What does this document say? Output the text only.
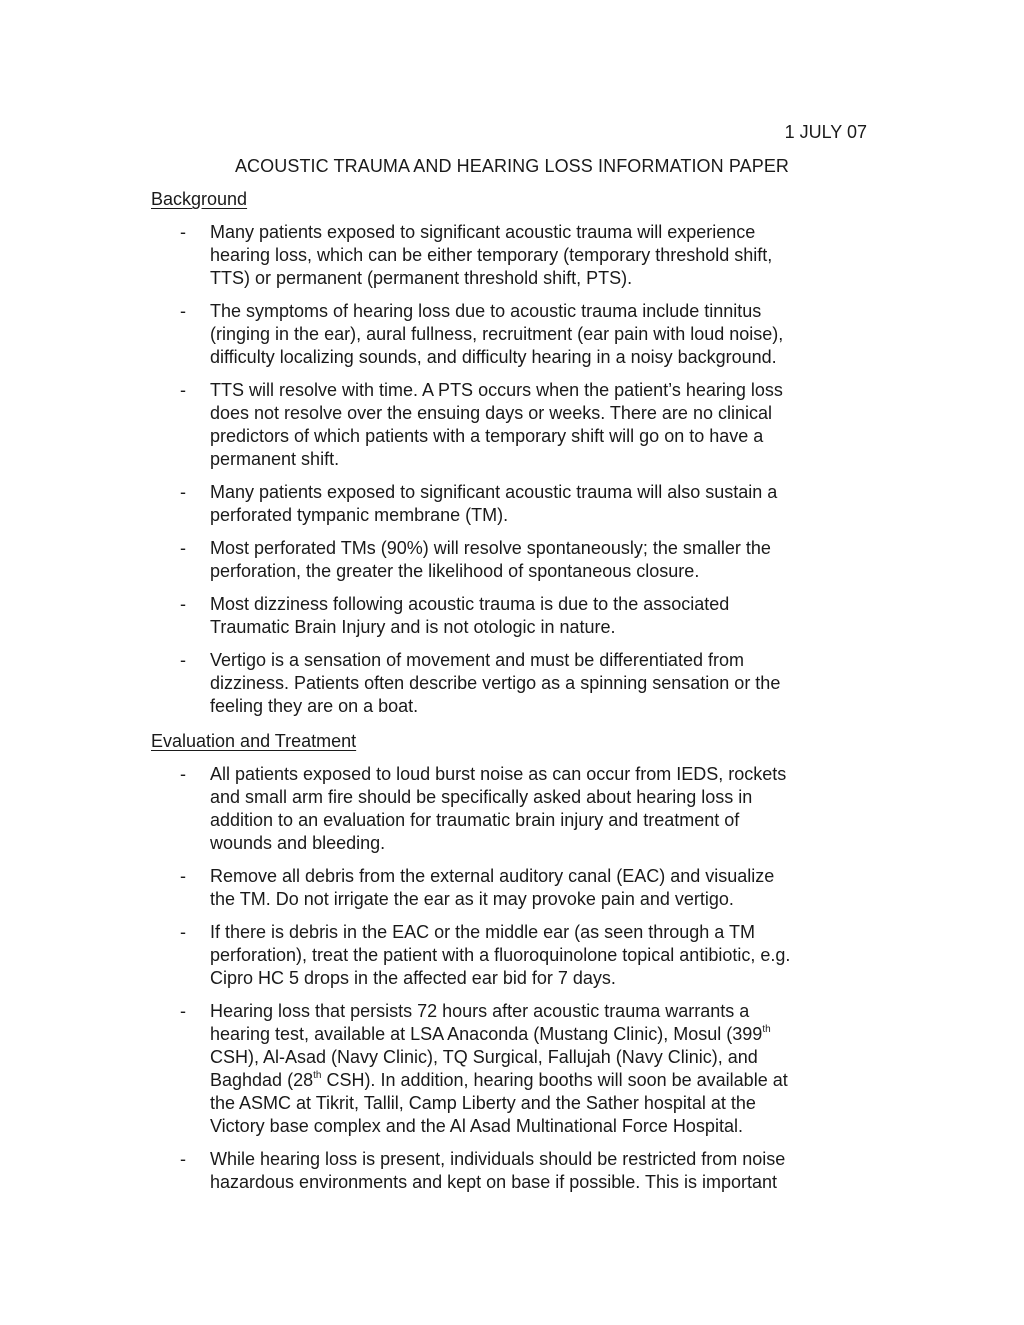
1 JULY 07
ACOUSTIC TRAUMA AND HEARING LOSS INFORMATION PAPER
Background
- Many patients exposed to significant acoustic trauma will experience
hearing loss, which can be either temporary (temporary threshold shift,
TTS) or permanent (permanent threshold shift, PTS).
- The symptoms of hearing loss due to acoustic trauma include tinnitus
(ringing in the ear), aural fullness, recruitment (ear pain with loud noise),
difficulty localizing sounds, and difficulty hearing in a noisy background.
- TTS will resolve with time. A PTS occurs when the patient’s hearing loss
does not resolve over the ensuing days or weeks. There are no clinical
predictors of which patients with a temporary shift will go on to have a
permanent shift.
- Many patients exposed to significant acoustic trauma will also sustain a
perforated tympanic membrane (TM).
- Most perforated TMs (90%) will resolve spontaneously; the smaller the
perforation, the greater the likelihood of spontaneous closure.
- Most dizziness following acoustic trauma is due to the associated
Traumatic Brain Injury and is not otologic in nature.
- Vertigo is a sensation of movement and must be differentiated from
dizziness. Patients often describe vertigo as a spinning sensation or the
feeling they are on a boat.
Evaluation and Treatment
- All patients exposed to loud burst noise as can occur from IEDS, rockets
and small arm fire should be specifically asked about hearing loss in
addition to an evaluation for traumatic brain injury and treatment of
wounds and bleeding.
- Remove all debris from the external auditory canal (EAC) and visualize
the TM. Do not irrigate the ear as it may provoke pain and vertigo.
- If there is debris in the EAC or the middle ear (as seen through a TM
perforation), treat the patient with a fluoroquinolone topical antibiotic, e.g.
Cipro HC 5 drops in the affected ear bid for 7 days.
- Hearing loss that persists 72 hours after acoustic trauma warrants a
hearing test, available at LSA Anaconda (Mustang Clinic), Mosul (399th
CSH), Al-Asad (Navy Clinic), TQ Surgical, Fallujah (Navy Clinic), and
Baghdad (28th CSH). In addition, hearing booths will soon be available at
the ASMC at Tikrit, Tallil, Camp Liberty and the Sather hospital at the
Victory base complex and the Al Asad Multinational Force Hospital.
- While hearing loss is present, individuals should be restricted from noise
hazardous environments and kept on base if possible. This is important
